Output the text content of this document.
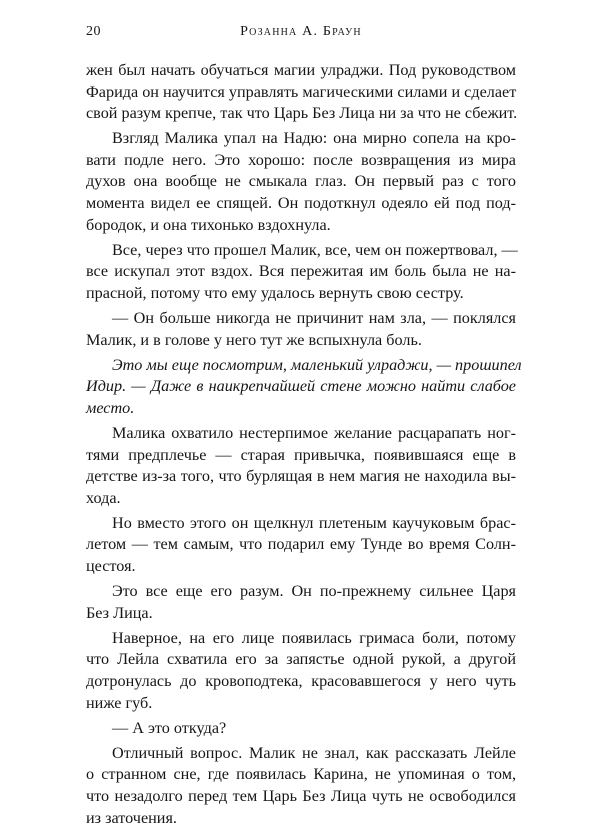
20	Розанна А. Браун
жен был начать обучаться магии улраджи. Под руководством
Фарида он научится управлять магическими силами и сделает
свой разум крепче, так что Царь Без Лица ни за что не сбежит.
Взгляд Малика упал на Надю: она мирно сопела на кро-
вати подле него. Это хорошо: после возвращения из мира
духов она вообще не смыкала глаз. Он первый раз с того
момента видел ее спящей. Он подоткнул одеяло ей под под-
бородок, и она тихонько вздохнула.
Все, через что прошел Малик, все, чем он пожертвовал, —
все искупал этот вздох. Вся пережитая им боль была не на-
прасной, потому что ему удалось вернуть свою сестру.
— Он больше никогда не причинит нам зла, — поклялся
Малик, и в голове у него тут же вспыхнула боль.
Это мы еще посмотрим, маленький улраджи, — прошипел
Идир. — Даже в наикрепчайшей стене можно найти слабое
место.
Малика охватило нестерпимое желание расцарапать ног-
тями предплечье — старая привычка, появившаяся еще в
детстве из-за того, что бурлящая в нем магия не находила вы-
хода.
Но вместо этого он щелкнул плетеным каучуковым брас-
летом — тем самым, что подарил ему Тунде во время Солн-
цестоя.
Это все еще его разум. Он по-прежнему сильнее Царя
Без Лица.
Наверное, на его лице появилась гримаса боли, потому
что Лейла схватила его за запястье одной рукой, а другой
дотронулась до кровоподтека, красовавшегося у него чуть
ниже губ.
— А это откуда?
Отличный вопрос. Малик не знал, как рассказать Лейле
о странном сне, где появилась Карина, не упоминая о том,
что незадолго перед тем Царь Без Лица чуть не освободился
из заточения.
